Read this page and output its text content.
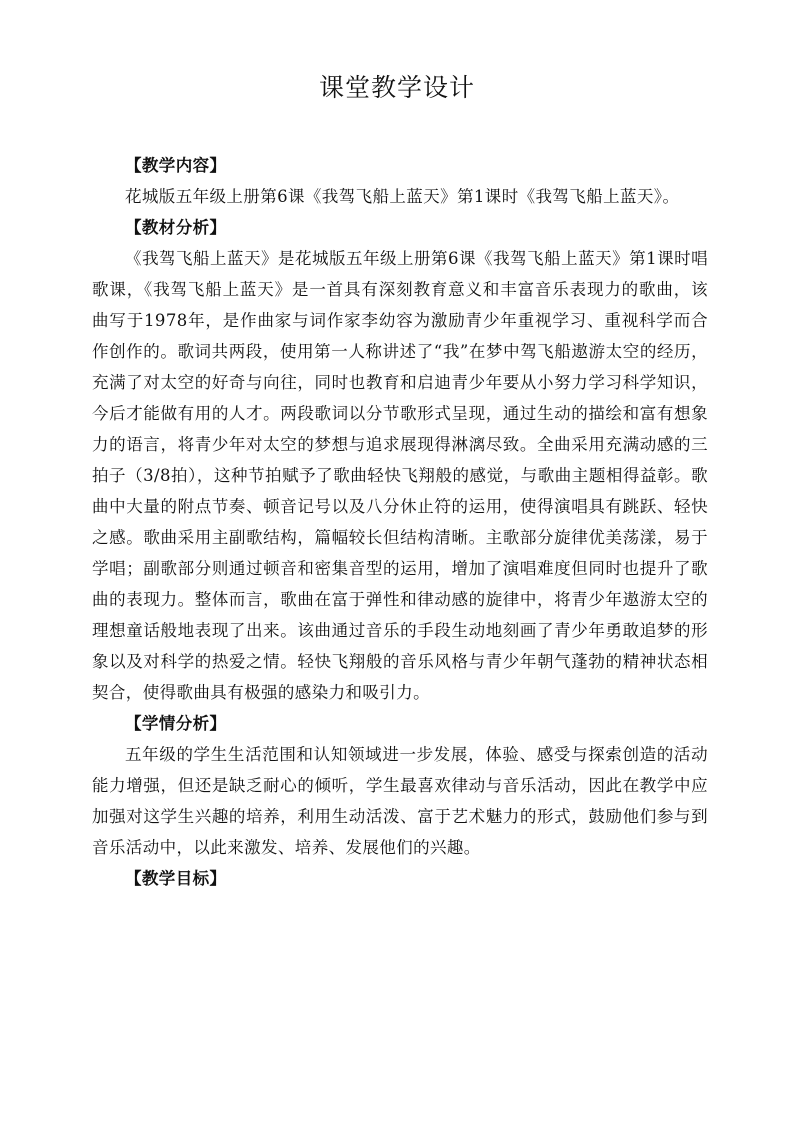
课堂教学设计
【教学内容】

花城版五年级上册第6课《我驾飞船上蓝天》第1课时《我驾飞船上蓝天》。

【教材分析】

《我驾飞船上蓝天》是花城版五年级上册第6课《我驾飞船上蓝天》第1课时唱歌课，《我驾飞船上蓝天》是一首具有深刻教育意义和丰富音乐表现力的歌曲，该曲写于1978年，是作曲家与词作家李幼容为激励青少年重视学习、重视科学而合作创作的。歌词共两段，使用第一人称讲述了“我”在梦中驾飞船遨游太空的经历，充满了对太空的好奇与向往，同时也教育和启迪青少年要从小努力学习科学知识，今后才能做有用的人才。两段歌词以分节歌形式呈现，通过生动的描绘和富有想象力的语言，将青少年对太空的梦想与追求展现得淋漓尽致。全曲采用充满动感的三拍子（3/8拍），这种节拍赋予了歌曲轻快飞翔般的感觉，与歌曲主题相得益彰。歌曲中大量的附点节奏、顿音记号以及八分休止符的运用，使得演唱具有跳跃、轻快之感。歌曲采用主副歌结构，篇幅较长但结构清晰。主歌部分旋律优美荡漾，易于学唱；副歌部分则通过顿音和密集音型的运用，增加了演唱难度但同时也提升了歌曲的表现力。整体而言，歌曲在富于弹性和律动感的旋律中，将青少年遨游太空的理想童话般地表现了出来。该曲通过音乐的手段生动地刻画了青少年勇敢追梦的形象以及对科学的热爱之情。轻快飞翔般的音乐风格与青少年朝气蓬勃的精神状态相契合，使得歌曲具有极强的感染力和吸引力。

【学情分析】

五年级的学生生活范围和认知领域进一步发展，体验、感受与探索创造的活动能力增强，但还是缺乏耐心的倾听，学生最喜欢律动与音乐活动，因此在教学中应加强对这学生兴趣的培养，利用生动活泼、富于艺术魅力的形式，鼓励他们参与到音乐活动中，以此来激发、培养、发展他们的兴趣。

【教学目标】
